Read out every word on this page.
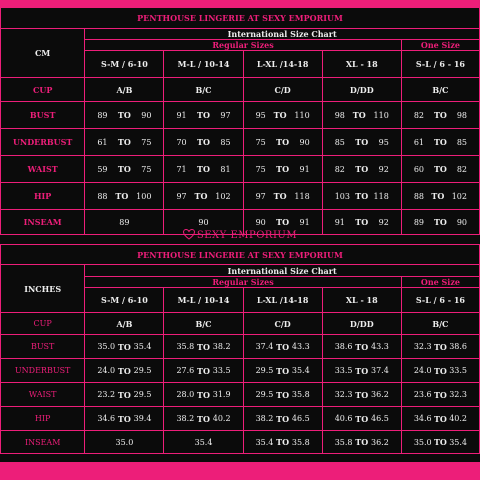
PENTHOUSE LINGERIE AT SEXY EMPORIUM					
CM	International Size Chart				
	Regular Sizes				One Size
	S-M / 6-10	M-L / 10-14	L-XL /14-18	XL - 18	S-L / 6 - 16
CUP	A/B	B/C	C/D	D/DD	B/C
BUST	89 TO 90	91 TO 97	95 TO 110	98 TO 110	82 TO 98

UNDERBUST	61 TO 75	70 TO 85	75 TO 90	85 TO 95	61 TO 85

WAIST	59 TO 75	71 TO 81	75 TO 91	82 TO 92	60 TO 82

HIP	88 TO 100	97 TO 102	97 TO 118	103 TO 118	88 TO 102

INSEAM	89	90	90 TO 91	91 TO 92	89 TO 90
SEXY EMPORIUM
PENTHOUSE LINGERIE AT SEXY EMPORIUM					
INCHES	International Size Chart				
	Regular Sizes				One Size
	S-M / 6-10	M-L / 10-14	L-XL /14-18	XL - 18	S-L / 6 - 16
CUP	A/B	B/C	C/D	D/DD	B/C
BUST	35.0 TO 35.4	35.8 TO 38.2	37.4 TO 43.3	38.6 TO 43.3	32.3 TO 38.6

UNDERBUST	24.0 TO 29.5	27.6 TO 33.5	29.5 TO 35.4	33.5 TO 37.4	24.0 TO 33.5

WAIST	23.2 TO 29.5	28.0 TO 31.9	29.5 TO 35.8	32.3 TO 36.2	23.6 TO 32.3

HIP	34.6 TO 39.4	38.2 TO 40.2	38.2 TO 46.5	40.6 TO 46.5	34.6 TO 40.2

INSEAM	35.0	35.4	35.4 TO 35.8	35.8 TO 36.2	35.0 TO 35.4
